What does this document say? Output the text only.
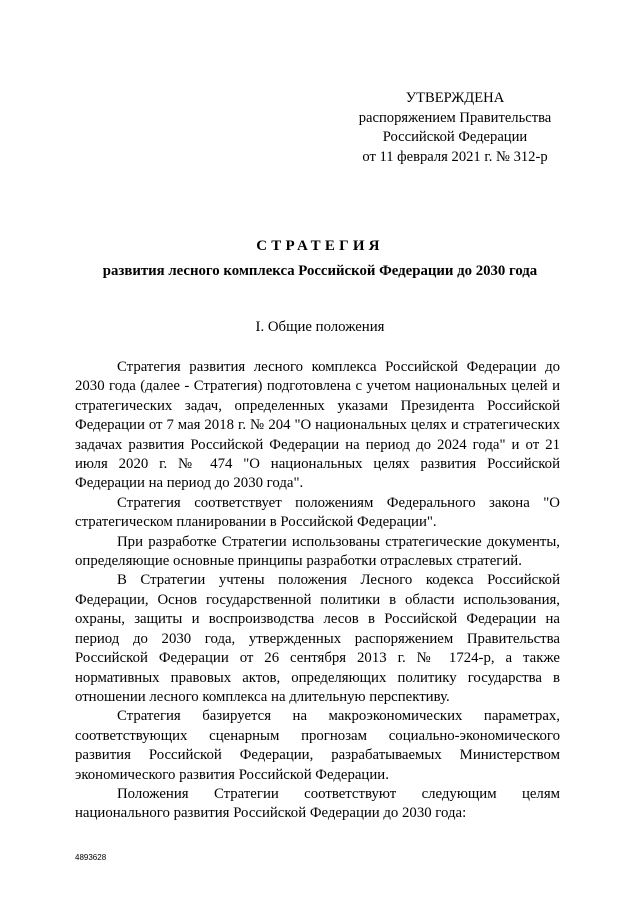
УТВЕРЖДЕНА
распоряжением Правительства
Российской Федерации
от 11 февраля 2021 г. № 312-р
СТРАТЕГИЯ
развития лесного комплекса Российской Федерации до 2030 года
I. Общие положения

Стратегия развития лесного комплекса Российской Федерации до 2030 года (далее - Стратегия) подготовлена с учетом национальных целей и стратегических задач, определенных указами Президента Российской Федерации от 7 мая 2018 г. № 204 "О национальных целях и стратегических задачах развития Российской Федерации на период до 2024 года" и от 21 июля 2020 г. № 474 "О национальных целях развития Российской Федерации на период до 2030 года".

Стратегия соответствует положениям Федерального закона "О стратегическом планировании в Российской Федерации".

При разработке Стратегии использованы стратегические документы, определяющие основные принципы разработки отраслевых стратегий.

В Стратегии учтены положения Лесного кодекса Российской Федерации, Основ государственной политики в области использования, охраны, защиты и воспроизводства лесов в Российской Федерации на период до 2030 года, утвержденных распоряжением Правительства Российской Федерации от 26 сентября 2013 г. № 1724-р, а также нормативных правовых актов, определяющих политику государства в отношении лесного комплекса на длительную перспективу.

Стратегия базируется на макроэкономических параметрах, соответствующих сценарным прогнозам социально-экономического развития Российской Федерации, разрабатываемых Министерством экономического развития Российской Федерации.

Положения Стратегии соответствуют следующим целям национального развития Российской Федерации до 2030 года:

4893628
